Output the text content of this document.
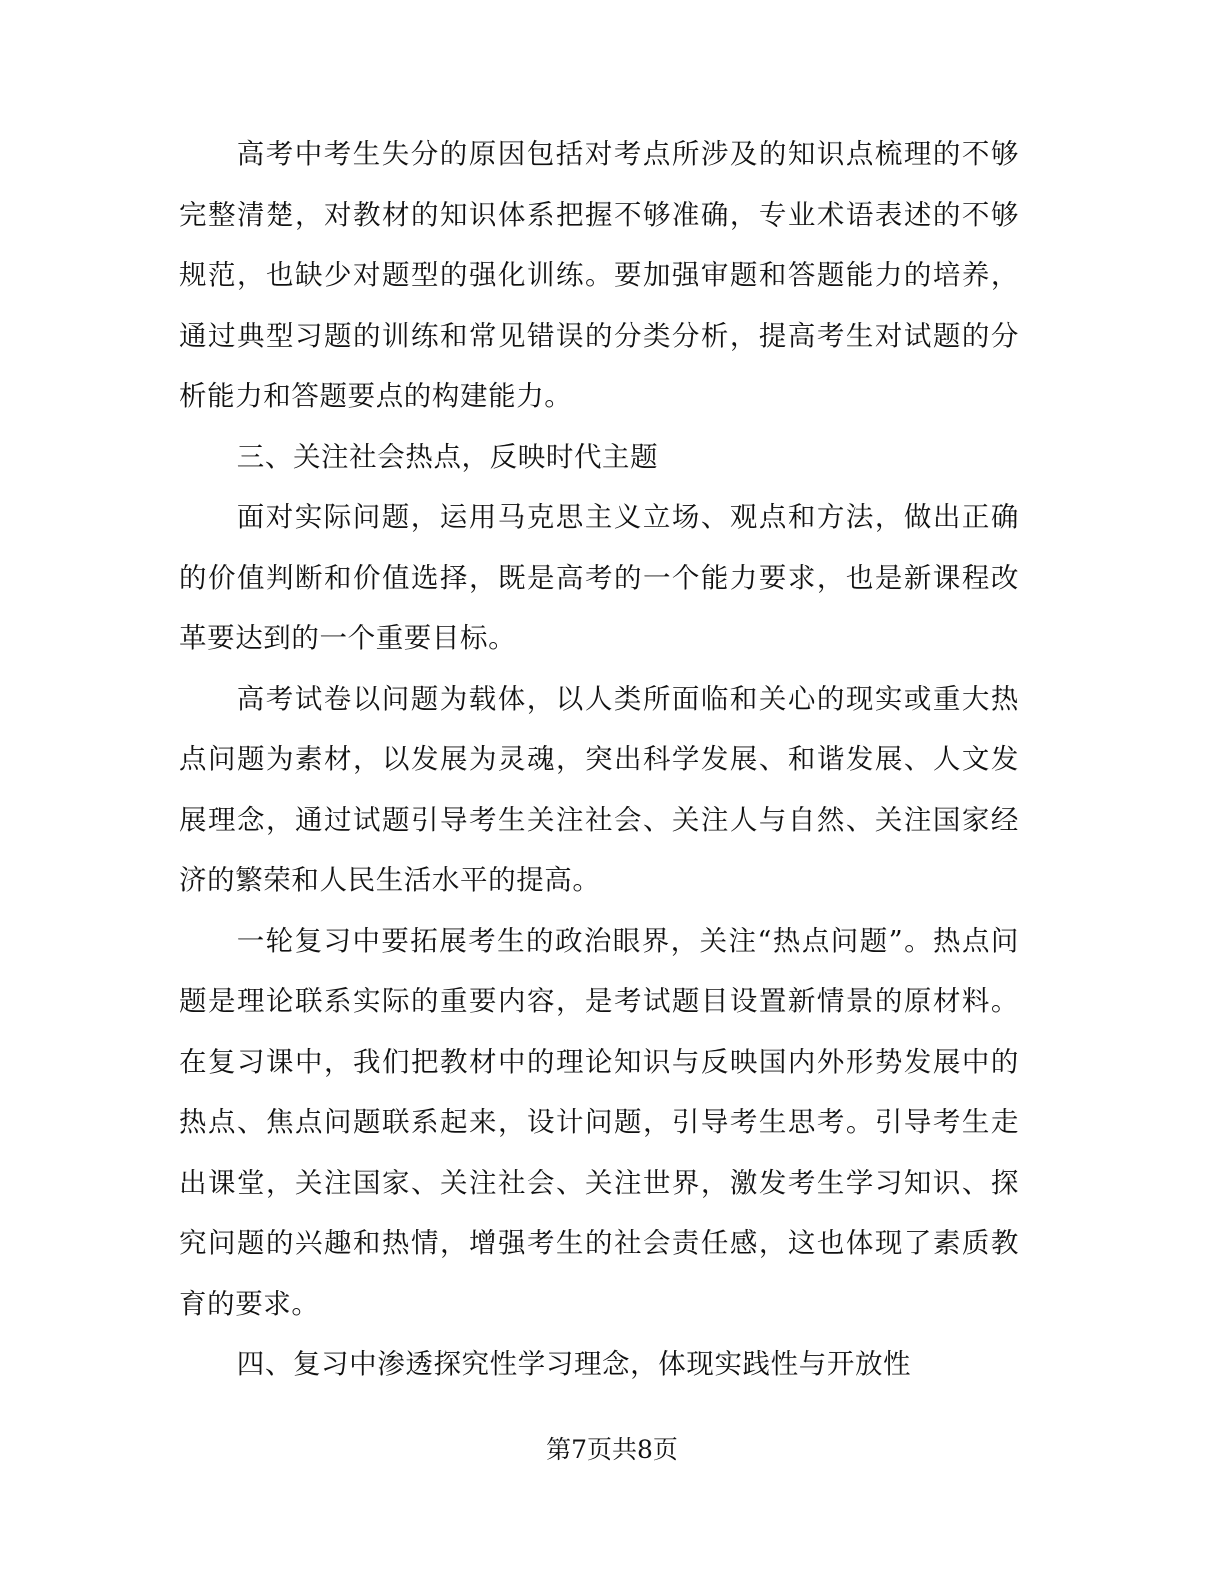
高考中考生失分的原因包括对考点所涉及的知识点梳理的不够完整清楚，对教材的知识体系把握不够准确，专业术语表述的不够规范，也缺少对题型的强化训练。要加强审题和答题能力的培养，通过典型习题的训练和常见错误的分类分析，提高考生对试题的分析能力和答题要点的构建能力。

三、关注社会热点，反映时代主题

面对实际问题，运用马克思主义立场、观点和方法，做出正确的价值判断和价值选择，既是高考的一个能力要求，也是新课程改革要达到的一个重要目标。

高考试卷以问题为载体，以人类所面临和关心的现实或重大热点问题为素材，以发展为灵魂，突出科学发展、和谐发展、人文发展理念，通过试题引导考生关注社会、关注人与自然、关注国家经济的繁荣和人民生活水平的提高。

一轮复习中要拓展考生的政治眼界，关注“热点问题”。热点问题是理论联系实际的重要内容，是考试题目设置新情景的原材料。在复习课中，我们把教材中的理论知识与反映国内外形势发展中的热点、焦点问题联系起来，设计问题，引导考生思考。引导考生走出课堂，关注国家、关注社会、关注世界，激发考生学习知识、探究问题的兴趣和热情，增强考生的社会责任感，这也体现了素质教育的要求。

四、复习中渗透探究性学习理念，体现实践性与开放性

第7页共8页
